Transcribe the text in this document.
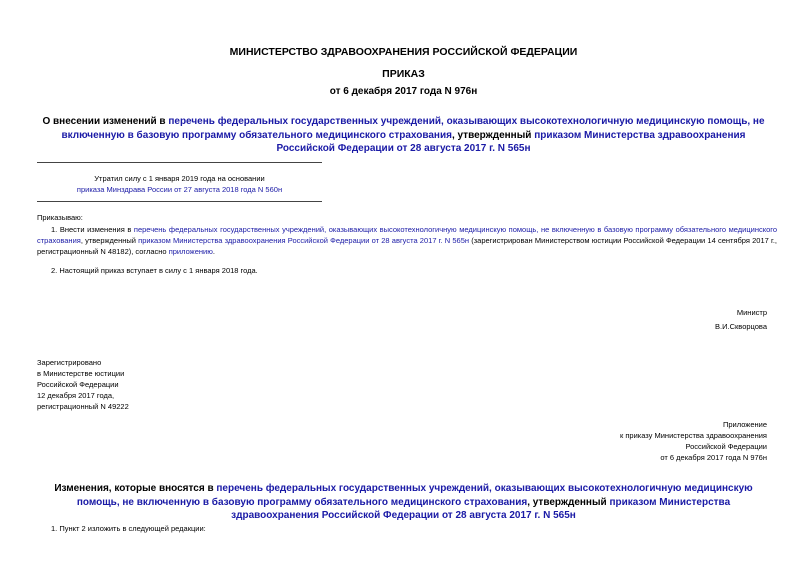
МИНИСТЕРСТВО ЗДРАВООХРАНЕНИЯ РОССИЙСКОЙ ФЕДЕРАЦИИ
ПРИКАЗ
от 6 декабря 2017 года N 976н
О внесении изменений в перечень федеральных государственных учреждений, оказывающих высокотехнологичную медицинскую помощь, не включенную в базовую программу обязательного медицинского страхования, утвержденный приказом Министерства здравоохранения Российской Федерации от 28 августа 2017 г. N 565н
Утратил силу с 1 января 2019 года на основании
приказа Минздрава России от 27 августа 2018 года N 560н
Приказываю:
1. Внести изменения в перечень федеральных государственных учреждений, оказывающих высокотехнологичную медицинскую помощь, не включенную в базовую программу обязательного медицинского страхования, утвержденный приказом Министерства здравоохранения Российской Федерации от 28 августа 2017 г. N 565н (зарегистрирован Министерством юстиции Российской Федерации 14 сентября 2017 г., регистрационный N 48182), согласно приложению.
2. Настоящий приказ вступает в силу с 1 января 2018 года.
Министр
В.И.Скворцова
Зарегистрировано
в Министерстве юстиции
Российской Федерации
12 декабря 2017 года,
регистрационный N 49222
Приложение
к приказу Министерства здравоохранения
Российской Федерации
от 6 декабря 2017 года N 976н
Изменения, которые вносятся в перечень федеральных государственных учреждений, оказывающих высокотехнологичную медицинскую помощь, не включенную в базовую программу обязательного медицинского страхования, утвержденный приказом Министерства здравоохранения Российской Федерации от 28 августа 2017 г. N 565н
1. Пункт 2 изложить в следующей редакции:
